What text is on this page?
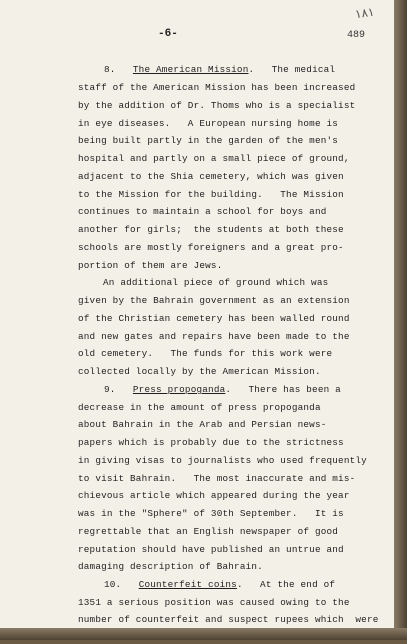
١٨١
-6-	489
8.   The American Mission.   The medical
staff of the American Mission has been increased
by the addition of Dr. Thoms who is a specialist
in eye diseases.   A European nursing home is
being built partly in the garden of the men's
hospital and partly on a small piece of ground,
adjacent to the Shia cemetery, which was given
to the Mission for the building.   The Mission
continues to maintain a school for boys and
another for girls;  the students at both these
schools are mostly foreigners and a great pro-
portion of them are Jews.
An additional piece of ground which was
given by the Bahrain government as an extension
of the Christian cemetery has been walled round
and new gates and repairs have been made to the
old cemetery.   The funds for this work were
collected locally by the American Mission.
9.   Press propoganda.   There has been a
decrease in the amount of press propoganda
about Bahrain in the Arab and Persian news-
papers which is probably due to the strictness
in giving visas to journalists who used frequently
to visit Bahrain.   The most inaccurate and mis-
chievous article which appeared during the year
was in the "Sphere" of 30th September.   It is
regrettable that an English newspaper of good
reputation should have published an untrue and
damaging description of Bahrain.
10.   Counterfeit coins.   At the end of
1351 a serious position was caused owing to the
number of counterfeit and suspect rupees which  were
